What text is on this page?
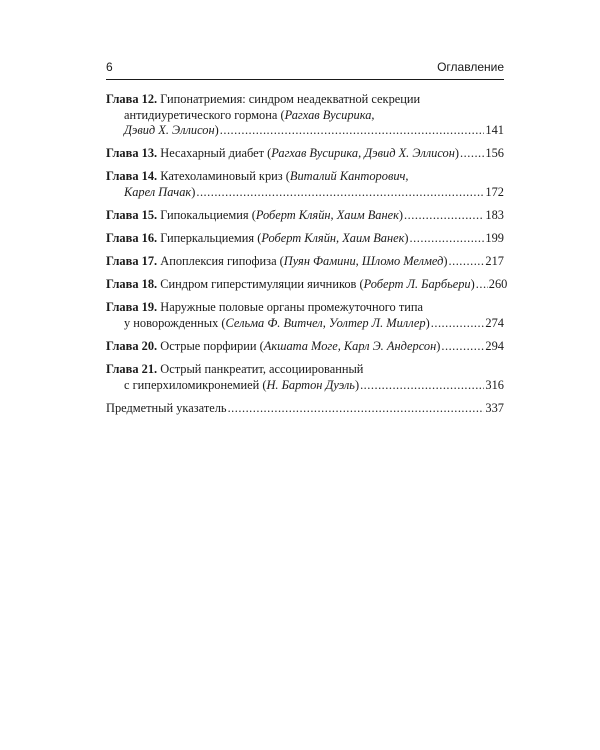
6	Оглавление
Глава 12.
Гипонатриемия: синдром неадекватной секреции
антидиуретического гормона ( Рагхав Вусирика,
Дэвид Х. Эллисон ) .....	141
Глава 13.
Несахарный диабет ( Рагхав Вусирика, Дэвид Х. Эллисон ) ..... 156
Глава 14.
Катехоламиновый криз ( Виталий Канторович,
Карел Пачак ) .....	172
Глава 15.
Гипокальциемия ( Роберт Кляйн, Хаим Ванек ) .....	183
Глава 16.
Гиперкальциемия ( Роберт Кляйн, Хаим Ванек ) .....	199
Глава 17.
Апоплексия гипофиза ( Пуян Фамини, Шломо Мелмед ) .....	217
Глава 18.
Синдром гиперстимуляции яичников ( Роберт Л. Барбьери ) ..... 260
Глава 19.
Наружные половые органы промежуточного типа
у новорожденных ( Сельма Ф. Витчел, Уолтер Л. Миллер ) .....	274
Глава 20.
Острые порфирии ( Акшата Моге, Карл Э. Андерсон ) .....	294
Глава 21.
Острый панкреатит, ассоциированный
с гиперхиломикронемией ( Н. Бартон Дуэль ) .....	316
Предметный указатель .....	337
